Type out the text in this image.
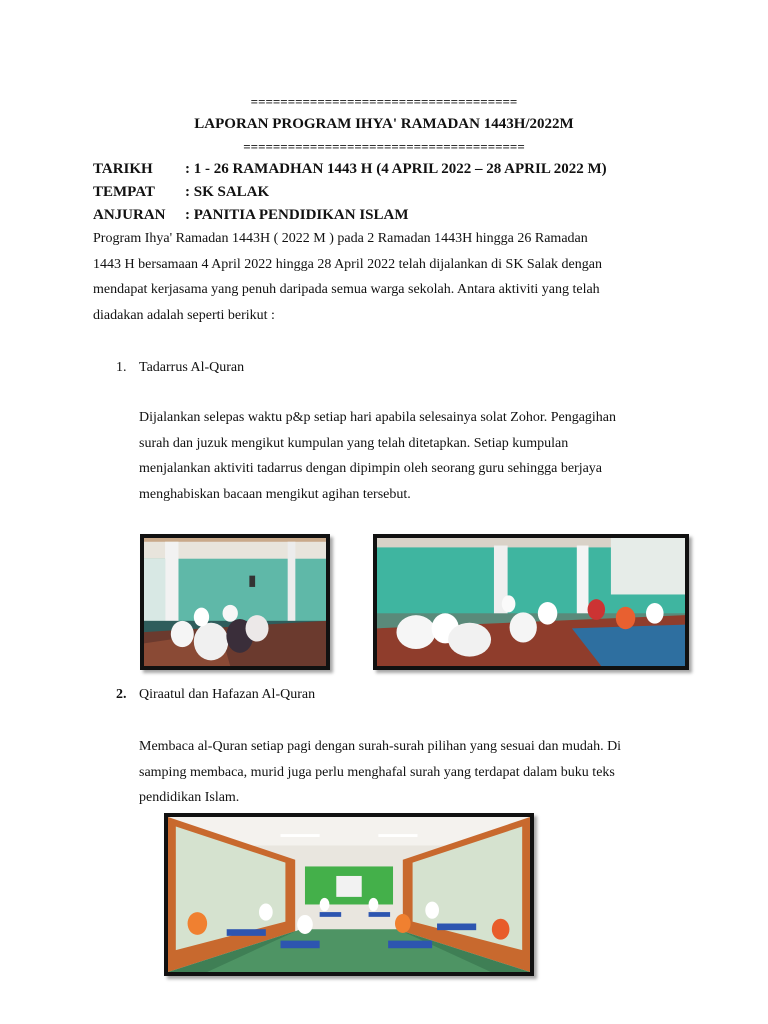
====================================
LAPORAN PROGRAM IHYA' RAMADAN 1443H/2022M
======================================
TARIKH : 1 - 26 RAMADHAN 1443 H (4 APRIL 2022 – 28 APRIL 2022 M)
TEMPAT : SK SALAK
ANJURAN : PANITIA PENDIDIKAN ISLAM
Program Ihya' Ramadan 1443H ( 2022 M ) pada 2 Ramadan 1443H hingga 26 Ramadan
1443 H bersamaan 4 April 2022 hingga 28 April 2022 telah dijalankan di SK Salak dengan
mendapat kerjasama yang penuh daripada semua warga sekolah. Antara aktiviti yang telah
diadakan adalah seperti berikut :
1. Tadarrus Al-Quran
Dijalankan selepas waktu p&p setiap hari apabila selesainya solat Zohor. Pengagihan
surah dan juzuk mengikut kumpulan yang telah ditetapkan. Setiap kumpulan
menjalankan aktiviti tadarrus dengan dipimpin oleh seorang guru sehingga berjaya
menghabiskan bacaan mengikut agihan tersebut.
2. Qiraatul dan Hafazan Al-Quran
Membaca al-Quran setiap pagi dengan surah-surah pilihan yang sesuai dan mudah. Di
samping membaca, murid juga perlu menghafal surah yang terdapat dalam buku teks
pendidikan Islam.
